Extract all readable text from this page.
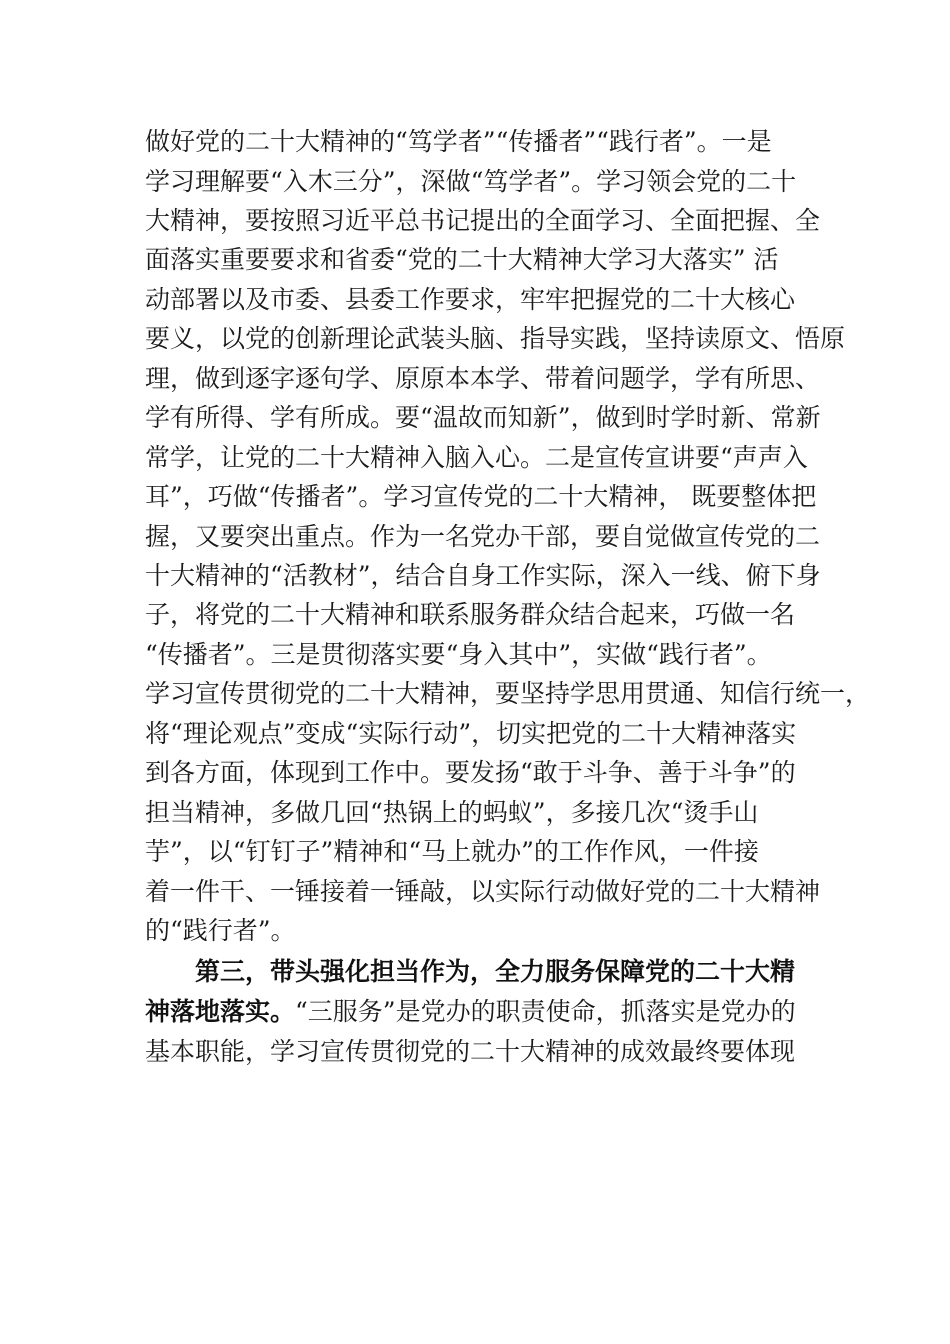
做好党的二十大精神的“笃学者”“传播者”“践行者”。一是
学习理解要“入木三分”，深做“笃学者”。学习领会党的二十
大精神，要按照习近平总书记提出的全面学习、全面把握、全
面落实重要要求和省委“党的二十大精神大学习大落实” 活
动部署以及市委、县委工作要求，牢牢把握党的二十大核心
要义，以党的创新理论武装头脑、指导实践，坚持读原文、悟原
理，做到逐字逐句学、原原本本学、带着问题学，学有所思、
学有所得、学有所成。要“温故而知新”，做到时学时新、常新
常学，让党的二十大精神入脑入心。二是宣传宣讲要“声声入
耳”，巧做“传播者”。学习宣传党的二十大精神， 既要整体把
握，又要突出重点。作为一名党办干部，要自觉做宣传党的二
十大精神的“活教材”，结合自身工作实际，深入一线、俯下身
子，将党的二十大精神和联系服务群众结合起来，巧做一名
“传播者”。三是贯彻落实要“身入其中”，实做“践行者”。
学习宣传贯彻党的二十大精神，要坚持学思用贯通、知信行统一，
将“理论观点”变成“实际行动”，切实把党的二十大精神落实
到各方面，体现到工作中。要发扬“敢于斗争、善于斗争”的
担当精神，多做几回“热锅上的蚂蚁”，多接几次“烫手山
芋”，以“钉钉子”精神和“马上就办”的工作作风，一件接
着一件干、一锤接着一锤敲，以实际行动做好党的二十大精神
的“践行者”。
第三，带头强化担当作为，全力服务保障党的二十大精
神落地落实。“三服务”是党办的职责使命，抓落实是党办的
基本职能，学习宣传贯彻党的二十大精神的成效最终要体现
